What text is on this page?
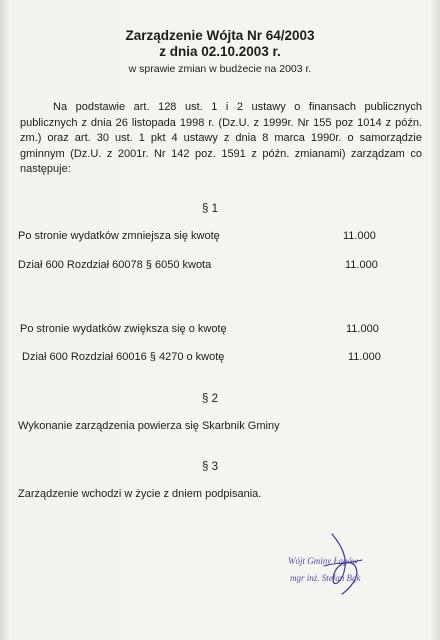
Zarządzenie Wójta Nr 64/2003
z dnia 02.10.2003 r.
w sprawie zmian w budżecie na 2003 r.
Na podstawie art. 128 ust. 1 i 2 ustawy o finansach publicznych publicznych z dnia 26 listopada 1998 r. (Dz.U. z 1999r. Nr 155 poz 1014 z późn. zm.) oraz art. 30 ust. 1 pkt 4 ustawy z dnia 8 marca 1990r. o samorządzie gminnym (Dz.U. z 2001r. Nr 142 poz. 1591 z późn. zmianami) zarządzam co następuje:
§ 1
Po stronie wydatków zmniejsza się kwotę	11.000
Dział 600 Rozdział 60078 § 6050 kwota	11.000
Po stronie wydatków zwiększa się o kwotę	11.000
Dział 600 Rozdział 60016 § 4270 o kwotę	11.000
§ 2
Wykonanie zarządzenia powierza się Skarbnik Gminy
§ 3
Zarządzenie wchodzi w życie z dniem podpisania.
Wójt Gminy Łagów
mgr inż. Stefan Bąk
